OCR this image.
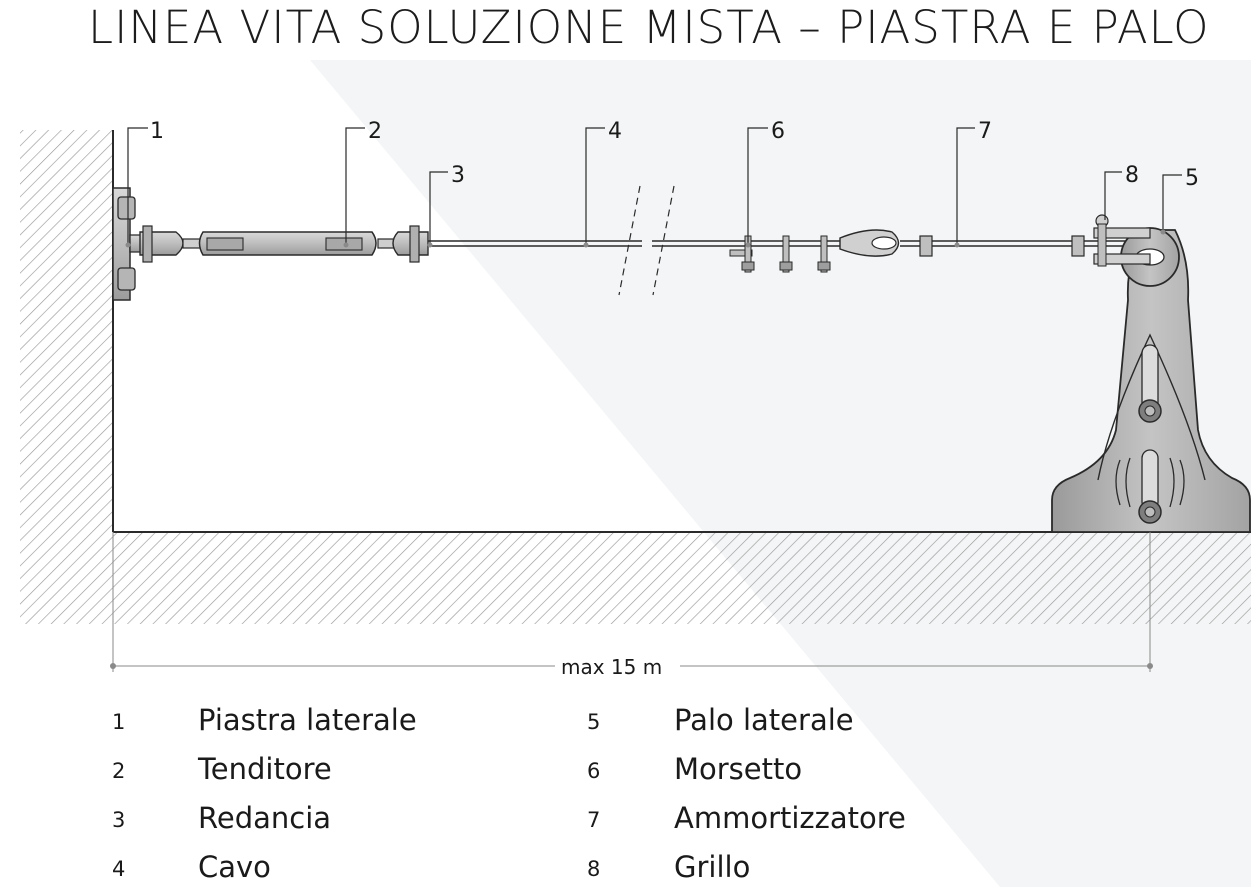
1	2
3
4
5
6	7
8
max 15 m
LINEA VITA SOLUZIONE MISTA – PIASTRA E PALO
1	Piastra laterale
2	Tenditore
3	Redancia
4	Cavo
5	Palo laterale
6	Morsetto
7	Ammortizzatore
8	Grillo
